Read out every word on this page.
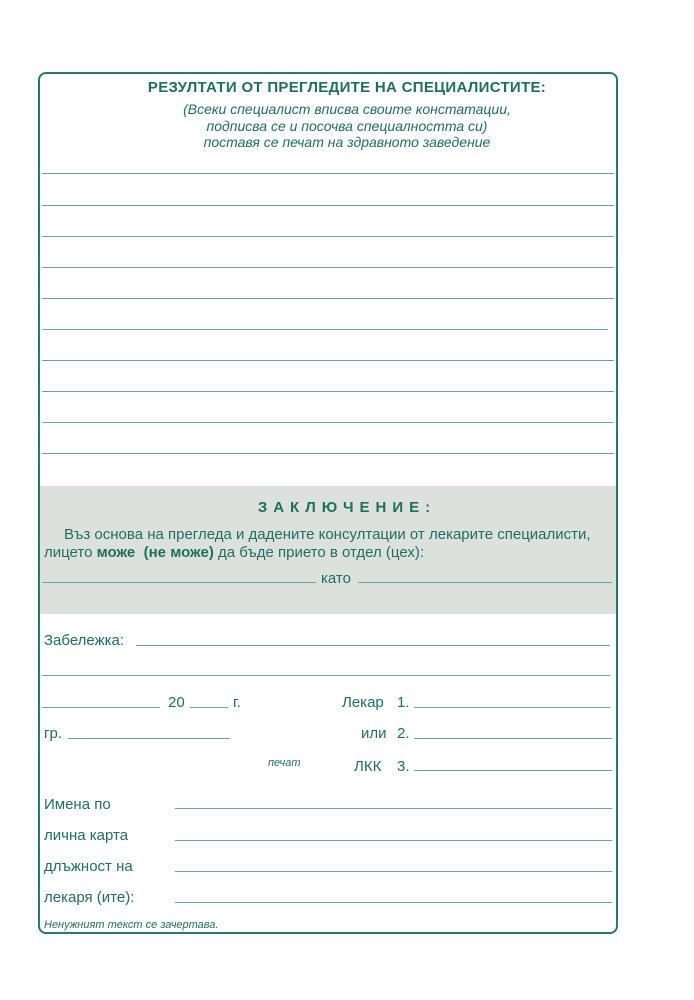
РЕЗУЛТАТИ ОТ ПРЕГЛЕДИТЕ НА СПЕЦИАЛИСТИТЕ:
(Всеки специалист вписва своите констатации,
подписва се и посочва специалността си)
поставя се печат на здравното заведение
ЗАКЛЮЧЕНИЕ:
Въз основа на прегледа и дадените консултации от лекарите специалисти,
лицето може (не може) да бъде прието в отдел (цех):
като
Забележка:
20	г.	Лекар 1.
гр.	или 2.
печат	ЛКК 3.
Имена по
лична карта
длъжност на
лекаря (ите):
Ненужният текст се зачертава.
